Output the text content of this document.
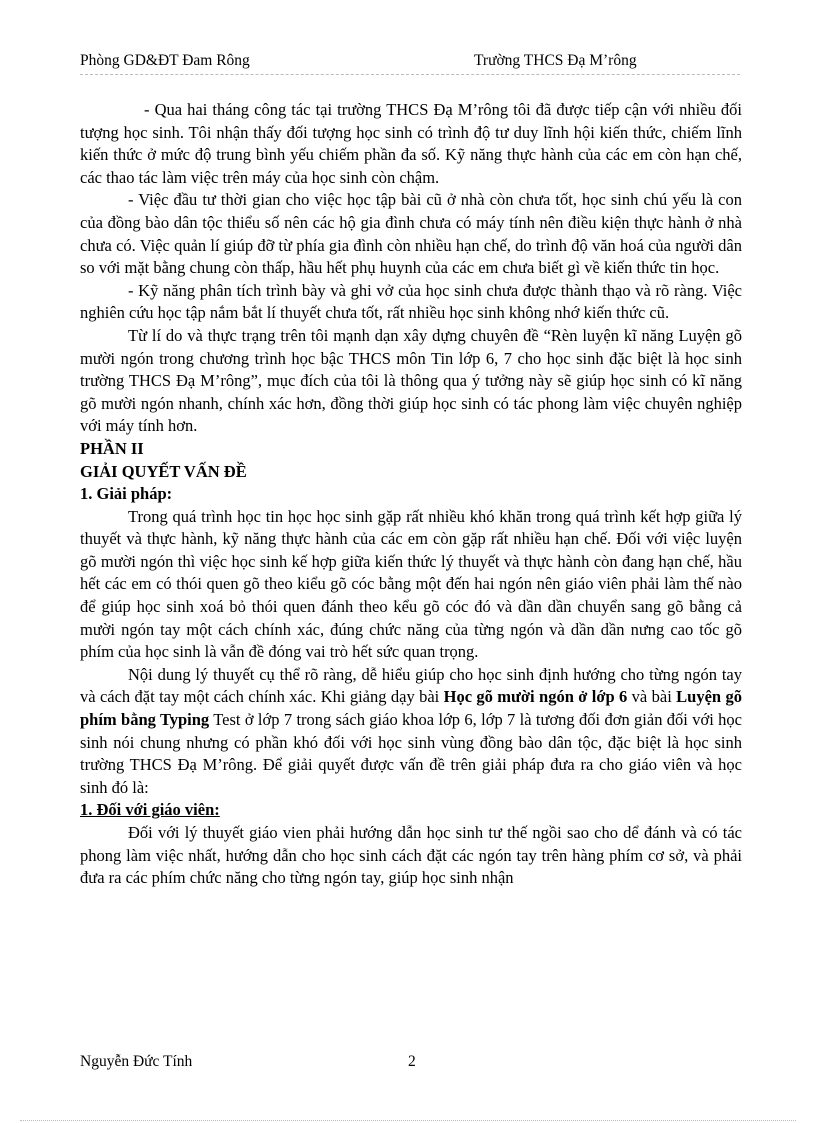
Phòng GD&ĐT Đam Rông	Trường THCS Đạ M’rông

- Qua hai tháng công tác tại trường THCS Đạ M’rông tôi đã được tiếp cận với nhiều đối tượng học sinh. Tôi nhận thấy đối tượng học sinh có trình độ tư duy lĩnh hội kiến thức, chiếm lĩnh kiến thức ở mức độ trung bình yếu chiếm phần đa số. Kỹ năng thực hành của các em còn hạn chế, các thao tác làm việc trên máy của học sinh còn chậm.

- Việc đầu tư thời gian cho việc học tập bài cũ ở nhà còn chưa tốt, học sinh chú yếu là con của đồng bào dân tộc thiểu số nên các hộ gia đình chưa có máy tính nên điều kiện thực hành ở nhà chưa có. Việc quản lí giúp đỡ từ phía gia đình còn nhiều hạn chế, do trình độ văn hoá của người dân so với mặt bằng chung còn thấp, hầu hết phụ huynh của các em chưa biết gì về kiến thức tin học.

- Kỹ năng phân tích trình bày và ghi vở của học sinh chưa được thành thạo và rõ ràng. Việc nghiên cứu học tập nắm bắt lí thuyết chưa tốt, rất nhiều học sinh không nhớ kiến thức cũ.

Từ lí do và thực trạng trên tôi mạnh dạn xây dựng chuyên đề “Rèn luyện kĩ năng Luyện gõ mười ngón trong chương trình học bậc THCS môn Tin lớp 6, 7 cho học sinh đặc biệt là học sinh trường THCS Đạ M’rông”, mục đích của tôi là thông qua ý tưởng này sẽ giúp học sinh có kĩ năng gõ mười ngón nhanh, chính xác hơn, đồng thời giúp học sinh có tác phong làm việc chuyên nghiệp với máy tính hơn.

PHẦN II

GIẢI QUYẾT VẤN ĐỀ

1. Giải pháp:

Trong quá trình học tin học học sinh gặp rất nhiều khó khăn trong quá trình kết hợp giữa lý thuyết và thực hành, kỹ năng thực hành của các em còn gặp rất nhiều hạn chế. Đối với việc luyện gõ mười ngón thì việc học sinh kế hợp giữa kiến thức lý thuyết và thực hành còn đang hạn chế, hầu hết các em có thói quen gõ theo kiểu gõ cóc bằng một đến hai ngón nên giáo viên phải làm thế nào để giúp học sinh xoá bỏ thói quen đánh theo kểu gõ cóc đó và dần dần chuyển sang gõ bằng cả mười ngón tay một cách chính xác, đúng chức năng của từng ngón và dần dần nưng cao tốc gõ phím của học sinh là vẫn đề đóng vai trò hết sức quan trọng.

Nội dung lý thuyết cụ thể rõ ràng, dễ hiểu giúp cho học sinh định hướng cho từng ngón tay và cách đặt tay một cách chính xác. Khi giảng dạy bài Học gõ mười ngón ở lớp 6 và bài Luyện gõ phím bằng Typing Test ở lớp 7 trong sách giáo khoa lớp 6, lớp 7 là tương đối đơn giản đối với học sinh nói chung nhưng có phần khó đối với học sinh vùng đồng bào dân tộc, đặc biệt là học sinh trường THCS Đạ M’rông. Để giải quyết được vấn đề trên giải pháp đưa ra cho giáo viên và học sinh đó là:

1. Đối với giáo viên:

Đối với lý thuyết giáo vien phải hướng dẫn học sinh tư thế ngồi sao cho dể đánh và có tác phong làm việc nhất, hướng dẫn cho học sinh cách đặt các ngón tay trên hàng phím cơ sở, và phải đưa ra các phím chức năng cho từng ngón tay, giúp học sinh nhận

Nguyễn Đức Tính	2
